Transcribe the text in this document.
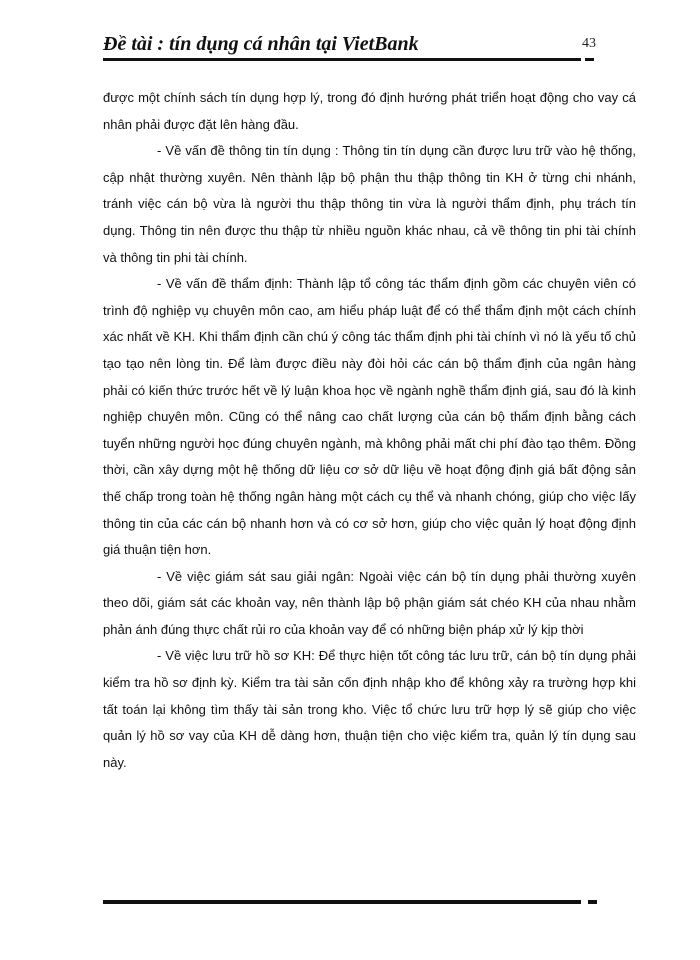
Đề tài : tín dụng cá nhân tại VietBank	43

được một chính sách tín dụng hợp lý, trong đó định hướng phát triển hoạt động cho vay cá nhân phải được đặt lên hàng đầu.

- Về vấn đề thông tin tín dụng : Thông tin tín dụng cần được lưu trữ vào hệ thống, cập nhật thường xuyên. Nên thành lập bộ phận thu thập thông tin KH ở từng chi nhánh, tránh việc cán bộ vừa là người thu thập thông tin vừa là người thẩm định, phụ trách tín dụng. Thông tin nên được thu thập từ nhiều nguồn khác nhau, cả về thông tin phi tài chính và thông tin phi tài chính.

- Về vấn đề thẩm định: Thành lập tổ công tác thẩm định gồm các chuyên viên có trình độ nghiệp vụ chuyên môn cao, am hiểu pháp luật để có thể thẩm định một cách chính xác nhất về KH. Khi thẩm định cần chú ý công tác thẩm định phi tài chính vì nó là yếu tố chủ tạo tạo nên lòng tin. Để làm được điều này đòi hỏi các cán bộ thẩm định của ngân hàng phải có kiến thức trước hết về lý luận khoa học về ngành nghề thẩm định giá, sau đó là kinh nghiệp chuyên môn. Cũng có thể nâng cao chất lượng của cán bộ thẩm định bằng cách tuyển những người học đúng chuyên ngành, mà không phải mất chi phí đào tạo thêm. Đồng thời, cần xây dựng một hệ thống dữ liệu cơ sở dữ liệu về hoạt động định giá bất động sản thế chấp trong toàn hệ thống ngân hàng một cách cụ thể và nhanh chóng, giúp cho việc lấy thông tin của các cán bộ nhanh hơn và có cơ sở hơn, giúp cho việc quản lý hoạt động định giá thuận tiện hơn.

- Về việc giám sát sau giải ngân: Ngoài việc cán bộ tín dụng phải thường xuyên theo dõi, giám sát các khoản vay, nên thành lập bộ phận giám sát chéo KH của nhau nhằm phản ánh đúng thực chất rủi ro của khoản vay để có những biện pháp xử lý kịp thời

- Về việc lưu trữ hồ sơ KH: Để thực hiện tốt công tác lưu trữ, cán bộ tín dụng phải kiểm tra hồ sơ định kỳ. Kiểm tra tài sản cốn định nhập kho để không xảy ra trường hợp khi tất toán lại không tìm thấy tài sản trong kho. Việc tổ chức lưu trữ hợp lý sẽ giúp cho việc quản lý hồ sơ vay của KH dễ dàng hơn, thuận tiện cho việc kiểm tra, quản lý tín dụng sau này.
